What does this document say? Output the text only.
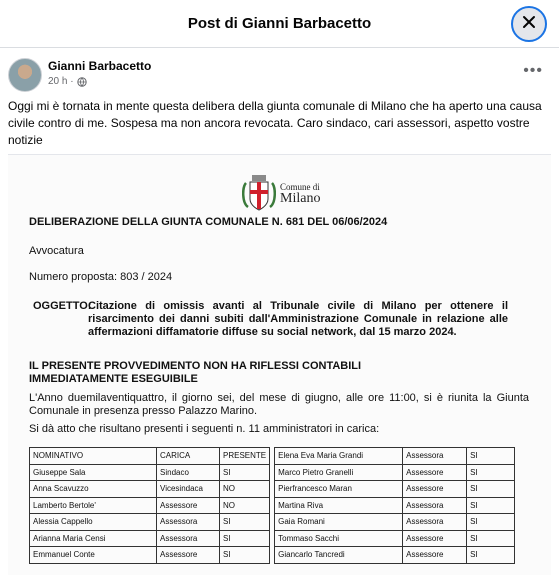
Post di Gianni Barbacetto
Gianni Barbacetto
20 h ·
•••
Oggi mi è tornata in mente questa delibera della giunta comunale di Milano che ha aperto una causa civile contro di me. Sospesa ma non ancora revocata. Caro sindaco, cari assessori, aspetto vostre notizie
Comune di
Milano
DELIBERAZIONE DELLA GIUNTA COMUNALE N. 681 DEL 06/06/2024
Avvocatura
Numero proposta: 803 / 2024
OGGETTO:
Citazione di omissis avanti al Tribunale civile di Milano per ottenere il risarcimento dei danni subiti dall'Amministrazione Comunale in relazione alle affermazioni diffamatorie diffuse su social network, dal 15 marzo 2024.
IL PRESENTE PROVVEDIMENTO NON HA RIFLESSI CONTABILI
IMMEDIATAMENTE ESEGUIBILE
L'Anno duemilaventiquattro, il giorno sei, del mese di giugno, alle ore 11:00, si è riunita la Giunta Comunale in presenza presso Palazzo Marino.
Si dà atto che risultano presenti i seguenti n. 11 amministratori in carica:
NOMINATIVO	CARICA	PRESENTE
Giuseppe Sala	Sindaco	SI
Anna Scavuzzo	Vicesindaca	NO
Lamberto Bertole'	Assessore	NO
Alessia Cappello	Assessora	SI
Arianna Maria Censi	Assessora	SI
Emmanuel Conte	Assessore	SI
Elena Eva Maria Grandi	Assessora	SI
Marco Pietro Granelli	Assessore	SI
Pierfrancesco Maran	Assessore	SI
Martina Riva	Assessora	SI
Gaia Romani	Assessora	SI
Tommaso Sacchi	Assessore	SI
Giancarlo Tancredi	Assessore	SI
